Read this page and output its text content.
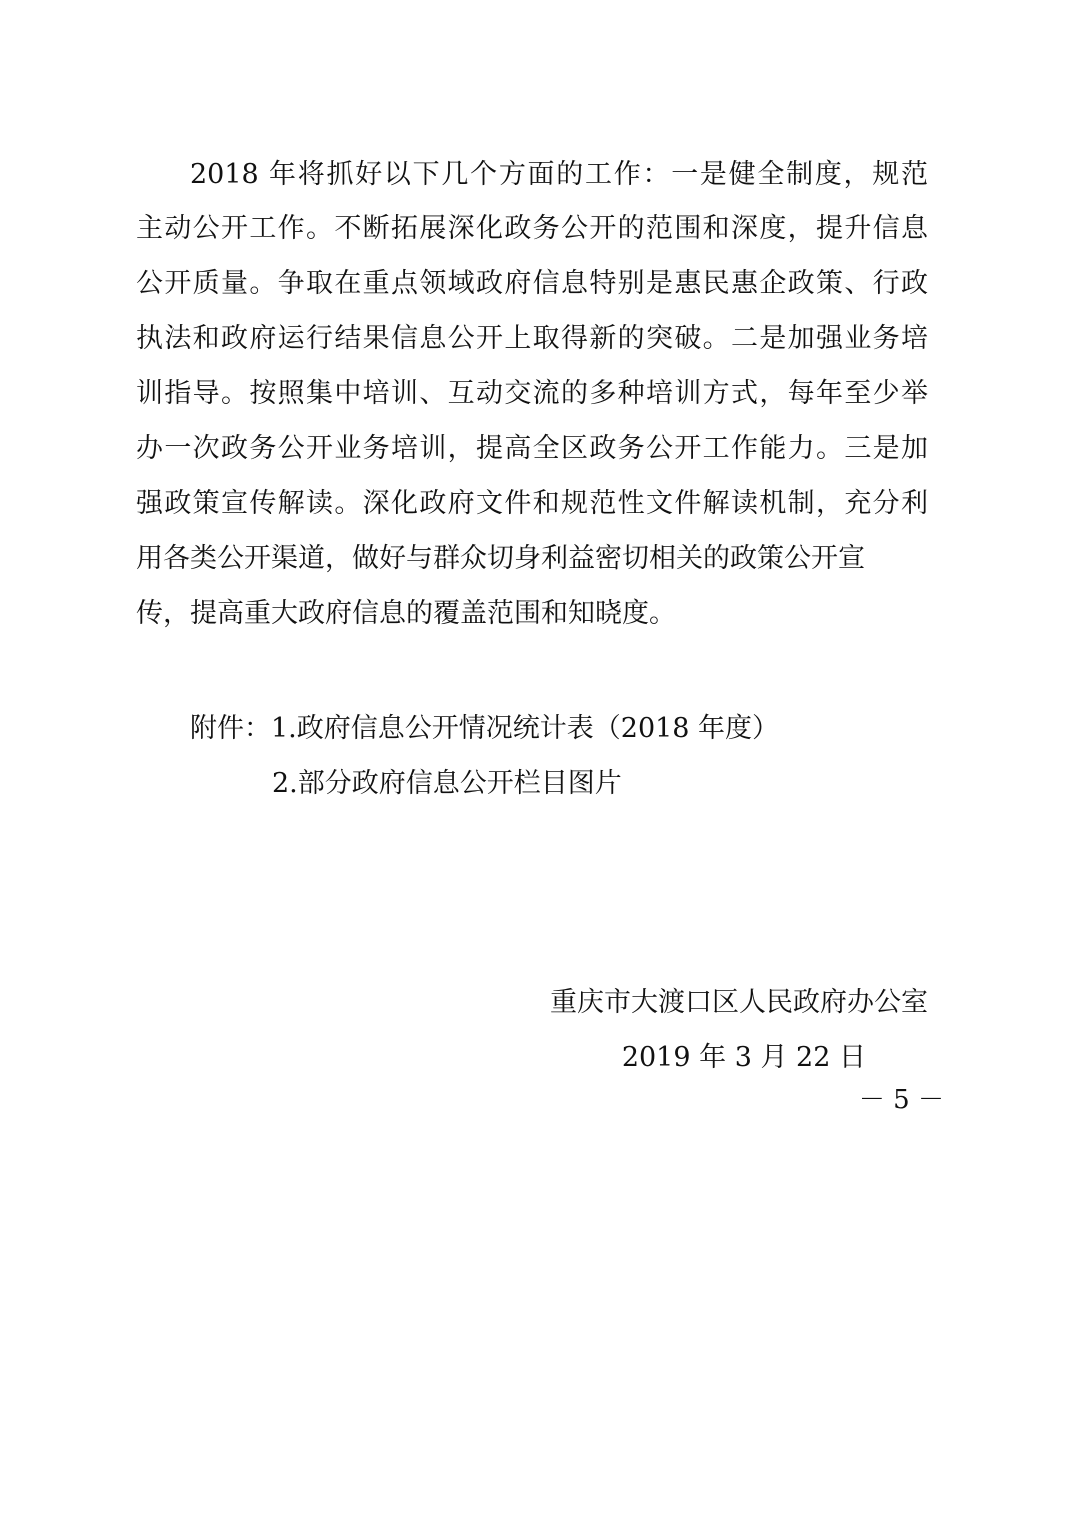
2018 年将抓好以下几个方面的工作：一是健全制度，规范
主动公开工作。不断拓展深化政务公开的范围和深度，提升信息
公开质量。争取在重点领域政府信息特别是惠民惠企政策、行政
执法和政府运行结果信息公开上取得新的突破。二是加强业务培
训指导。按照集中培训、互动交流的多种培训方式，每年至少举
办一次政务公开业务培训，提高全区政务公开工作能力。三是加
强政策宣传解读。深化政府文件和规范性文件解读机制，充分利
用各类公开渠道，做好与群众切身利益密切相关的政策公开宣
传，提高重大政府信息的覆盖范围和知晓度。
附件：1.政府信息公开情况统计表（2018 年度）
2.部分政府信息公开栏目图片
重庆市大渡口区人民政府办公室
2019 年 3 月 22 日
－ 5 －
